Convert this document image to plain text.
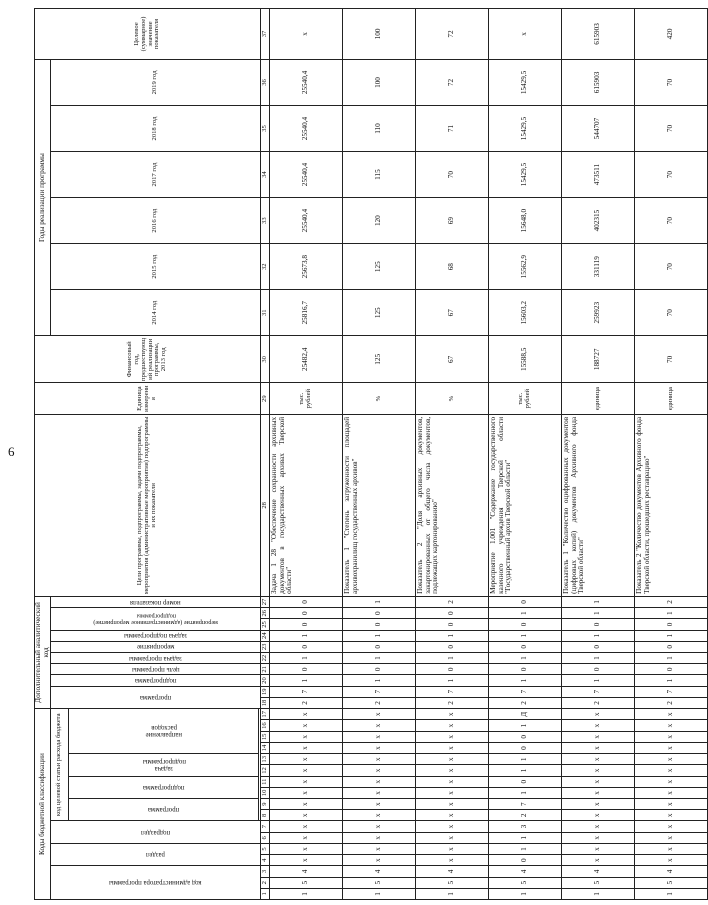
6
Коды бюджетной классификации																	Дополнительный аналитический код										Цели программы, подпрограммы, задачи подпрограммы, мероприятия (административные мероприятия) подпрограммы и их показатели	Единица измерения	Финансовый год, предшествующий реализации программы, 2013 год	Годы реализации программы						Целевое (суммарное) значение показателя

код администратора программы			раздел		подраздел		код целевой статьи расхода бюджета										программа		подпрограмма	цель программы	задача программы	мероприятие	задача подпрограммы	мероприятие (административное мероприятие) подпрограммы		номер показателя				2014 год	2015 год	2016 год	2017 год	2018 год	2019 год	

							программа		подпрограмма		задача подпрограммы		направление расходов																							

1	2	3	4	5	6	7	8	9	10	11	12	13	14	15	16	17	18	19	20	21	22	23	24	25	26	27	28	29	30	31	32	33	34	35	36	37
1	5	4	x	x	x	x	x	x	x	x	x	x	x	x	x	x	2	7	1	0	1	0	1	0	0	0	Задача 1 28 "Обеспечение сохранности архивных документов в государственных архивах Тверской области"	тыс. рублей	25482,4	25816,7	25673,8	25540,4	25540,4	25540,4	25540,4	x
1	5	4	x	x	x	x	x	x	x	x	x	x	x	x	x	x	2	7	1	0	1	0	1	0	0	1	Показатель 1 "Степень загруженности площадей архивохранилищ государственных архивов"	%	125	125	125	120	115	110	100	100
1	5	4	x	x	x	x	x	x	x	x	x	x	x	x	x	x	2	7	1	0	1	0	1	0	0	2	Показатель 2 "Доля архивных документов, закартонированных от общего числа документов, подлежащих картонированию"	%	67	67	68	69	70	71	72	72
1	5	4	0	1	1	3	2	7	1	0	1	1	0	0	1	Д	2	7	1	0	1	0	1	0	1	0	Мероприятие 1.001 "Содержание государственного казенного учреждения Тверской области "Государственный архив Тверской области"	тыс. рублей	15588,5	15603,2	15562,9	15648,0	15429,5	15429,5	15429,5	x
1	5	4	x	x	x	x	x	x	x	x	x	x	x	x	x	x	2	7	1	0	1	0	1	0	1	1	Показатель 1 "Количество оцифрованных документов (цифровых копий) документов Архивного фонда Тверской области"	единица	188727	259923	331119	402315	473511	544707	615903	615903
1	5	4	x	x	x	x	x	x	x	x	x	x	x	x	x	x	2	7	1	0	1	0	1	0	1	2	Показатель 2 "Количество документов Архивного фонда Тверской области, прошедших реставрацию"	единица	70	70	70	70	70	70	70	420
